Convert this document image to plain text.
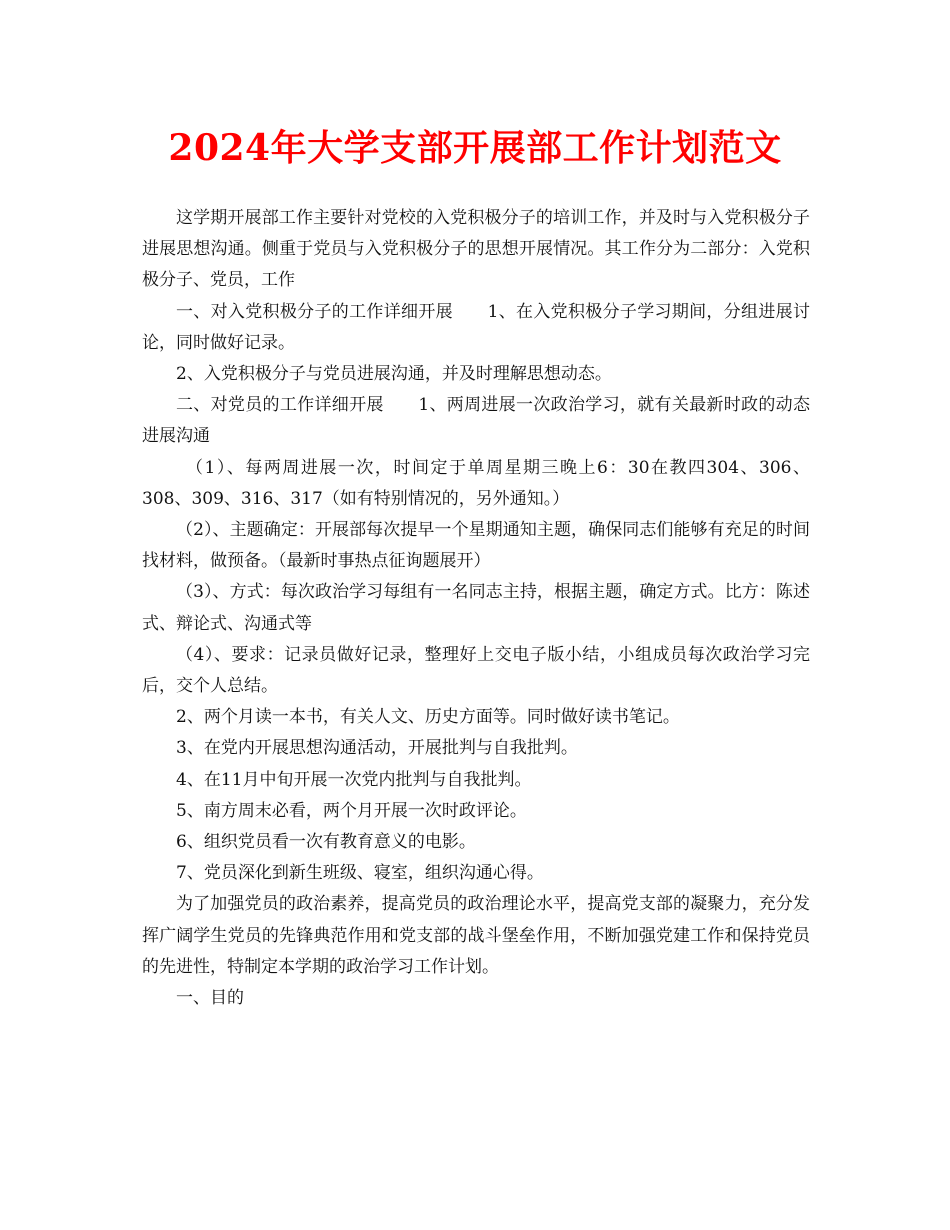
2024年大学支部开展部工作计划范文

这学期开展部工作主要针对党校的入党积极分子的培训工作，并及时与入党积极分子进展思想沟通。侧重于党员与入党积极分子的思想开展情况。其工作分为二部分：入党积极分子、党员，工作

一、对入党积极分子的工作详细开展　　1、在入党积极分子学习期间，分组进展讨论，同时做好记录。

2、入党积极分子与党员进展沟通，并及时理解思想动态。

二、对党员的工作详细开展　　1、两周进展一次政治学习，就有关最新时政的动态进展沟通

（1）、每两周进展一次，时间定于单周星期三晚上6：30在教四304、306、308、309、316、317（如有特别情况的，另外通知。）

（2）、主题确定：开展部每次提早一个星期通知主题，确保同志们能够有充足的时间找材料，做预备。（最新时事热点征询题展开）

（3）、方式：每次政治学习每组有一名同志主持，根据主题，确定方式。比方：陈述式、辩论式、沟通式等

（4）、要求：记录员做好记录，整理好上交电子版小结，小组成员每次政治学习完后，交个人总结。

2、两个月读一本书，有关人文、历史方面等。同时做好读书笔记。

3、在党内开展思想沟通活动，开展批判与自我批判。

4、在11月中旬开展一次党内批判与自我批判。

5、南方周末必看，两个月开展一次时政评论。

6、组织党员看一次有教育意义的电影。

7、党员深化到新生班级、寝室，组织沟通心得。

为了加强党员的政治素养，提高党员的政治理论水平，提高党支部的凝聚力，充分发挥广阔学生党员的先锋典范作用和党支部的战斗堡垒作用，不断加强党建工作和保持党员的先进性，特制定本学期的政治学习工作计划。

一、目的
